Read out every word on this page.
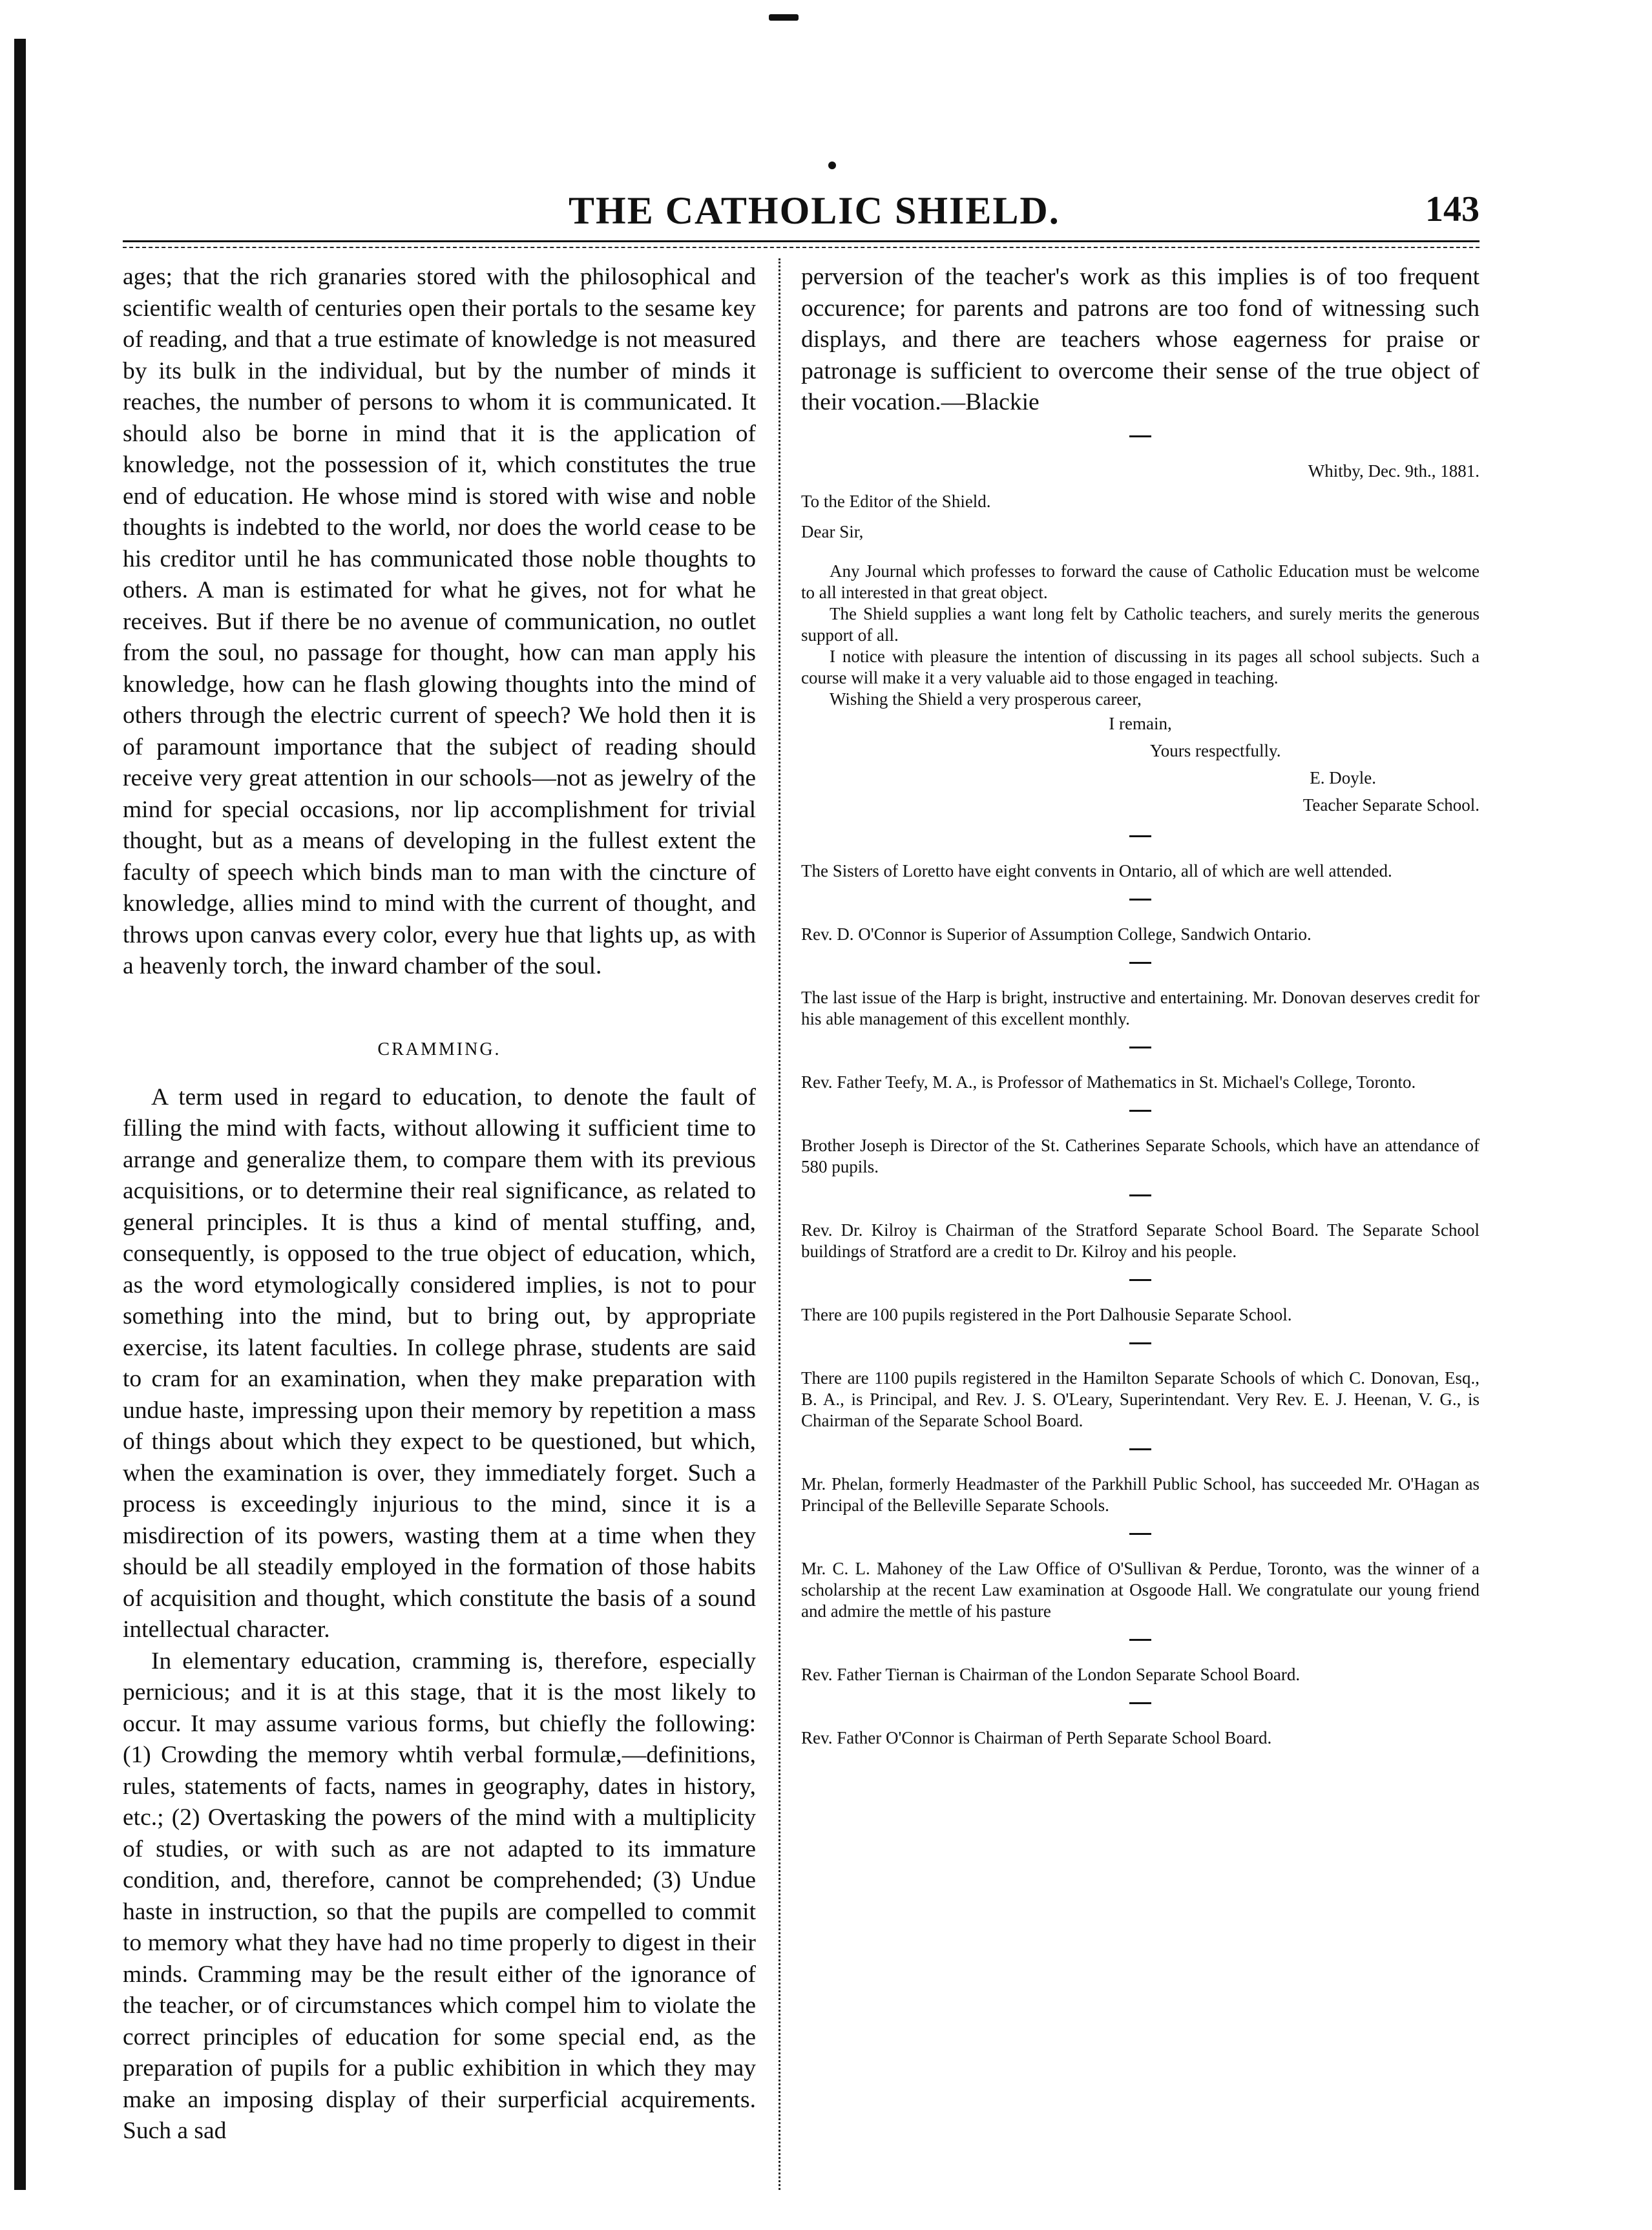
THE CATHOLIC SHIELD.	143

ages; that the rich granaries stored with the philosophical and scientific wealth of centuries open their portals to the sesame key of reading, and that a true estimate of knowledge is not measured by its bulk in the individual, but by the number of minds it reaches, the number of persons to whom it is communicated. It should also be borne in mind that it is the application of knowledge, not the possession of it, which constitutes the true end of education. He whose mind is stored with wise and noble thoughts is indebted to the world, nor does the world cease to be his creditor until he has communicated those noble thoughts to others. A man is estimated for what he gives, not for what he receives. But if there be no avenue of communication, no outlet from the soul, no passage for thought, how can man apply his knowledge, how can he flash glowing thoughts into the mind of others through the electric current of speech? We hold then it is of paramount importance that the subject of reading should receive very great attention in our schools—not as jewelry of the mind for special occasions, nor lip accomplishment for trivial thought, but as a means of developing in the fullest extent the faculty of speech which binds man to man with the cincture of knowledge, allies mind to mind with the current of thought, and throws upon canvas every color, every hue that lights up, as with a heavenly torch, the inward chamber of the soul.

CRAMMING.

A term used in regard to education, to denote the fault of filling the mind with facts, without allowing it sufficient time to arrange and generalize them, to compare them with its previous acquisitions, or to determine their real significance, as related to general principles. It is thus a kind of mental stuffing, and, consequently, is opposed to the true object of education, which, as the word etymologically considered implies, is not to pour something into the mind, but to bring out, by appropriate exercise, its latent faculties. In college phrase, students are said to cram for an examination, when they make preparation with undue haste, impressing upon their memory by repetition a mass of things about which they expect to be questioned, but which, when the examination is over, they immediately forget. Such a process is exceedingly injurious to the mind, since it is a misdirection of its powers, wasting them at a time when they should be all steadily employed in the formation of those habits of acquisition and thought, which constitute the basis of a sound intellectual character.

In elementary education, cramming is, therefore, especially pernicious; and it is at this stage, that it is the most likely to occur. It may assume various forms, but chiefly the following: (1) Crowding the memory whtih verbal formulæ,—definitions, rules, statements of facts, names in geography, dates in history, etc.; (2) Overtasking the powers of the mind with a multiplicity of studies, or with such as are not adapted to its immature condition, and, therefore, cannot be comprehended; (3) Undue haste in instruction, so that the pupils are compelled to commit to memory what they have had no time properly to digest in their minds. Cramming may be the result either of the ignorance of the teacher, or of circumstances which compel him to violate the correct principles of education for some special end, as the preparation of pupils for a public exhibition in which they may make an imposing display of their surperficial acquirements. Such a sad

perversion of the teacher's work as this implies is of too frequent occurence; for parents and patrons are too fond of witnessing such displays, and there are teachers whose eagerness for praise or patronage is sufficient to overcome their sense of the true object of their vocation.—Blackie

Whitby, Dec. 9th., 1881.

To the Editor of the Shield.

Dear Sir,

Any Journal which professes to forward the cause of Catholic Education must be welcome to all interested in that great object.

The Shield supplies a want long felt by Catholic teachers, and surely merits the generous support of all.

I notice with pleasure the intention of discussing in its pages all school subjects. Such a course will make it a very valuable aid to those engaged in teaching.

Wishing the Shield a very prosperous career,

I remain,

Yours respectfully.

E. Doyle.

Teacher Separate School.

The Sisters of Loretto have eight convents in Ontario, all of which are well attended.

Rev. D. O'Connor is Superior of Assumption College, Sandwich Ontario.

The last issue of the Harp is bright, instructive and entertaining. Mr. Donovan deserves credit for his able management of this excellent monthly.

Rev. Father Teefy, M. A., is Professor of Mathematics in St. Michael's College, Toronto.

Brother Joseph is Director of the St. Catherines Separate Schools, which have an attendance of 580 pupils.

Rev. Dr. Kilroy is Chairman of the Stratford Separate School Board. The Separate School buildings of Stratford are a credit to Dr. Kilroy and his people.

There are 100 pupils registered in the Port Dalhousie Separate School.

There are 1100 pupils registered in the Hamilton Separate Schools of which C. Donovan, Esq., B. A., is Principal, and Rev. J. S. O'Leary, Superintendant. Very Rev. E. J. Heenan, V. G., is Chairman of the Separate School Board.

Mr. Phelan, formerly Headmaster of the Parkhill Public School, has succeeded Mr. O'Hagan as Principal of the Belleville Separate Schools.

Mr. C. L. Mahoney of the Law Office of O'Sullivan & Perdue, Toronto, was the winner of a scholarship at the recent Law examination at Osgoode Hall. We congratulate our young friend and admire the mettle of his pasture

Rev. Father Tiernan is Chairman of the London Separate School Board.

Rev. Father O'Connor is Chairman of Perth Separate School Board.
